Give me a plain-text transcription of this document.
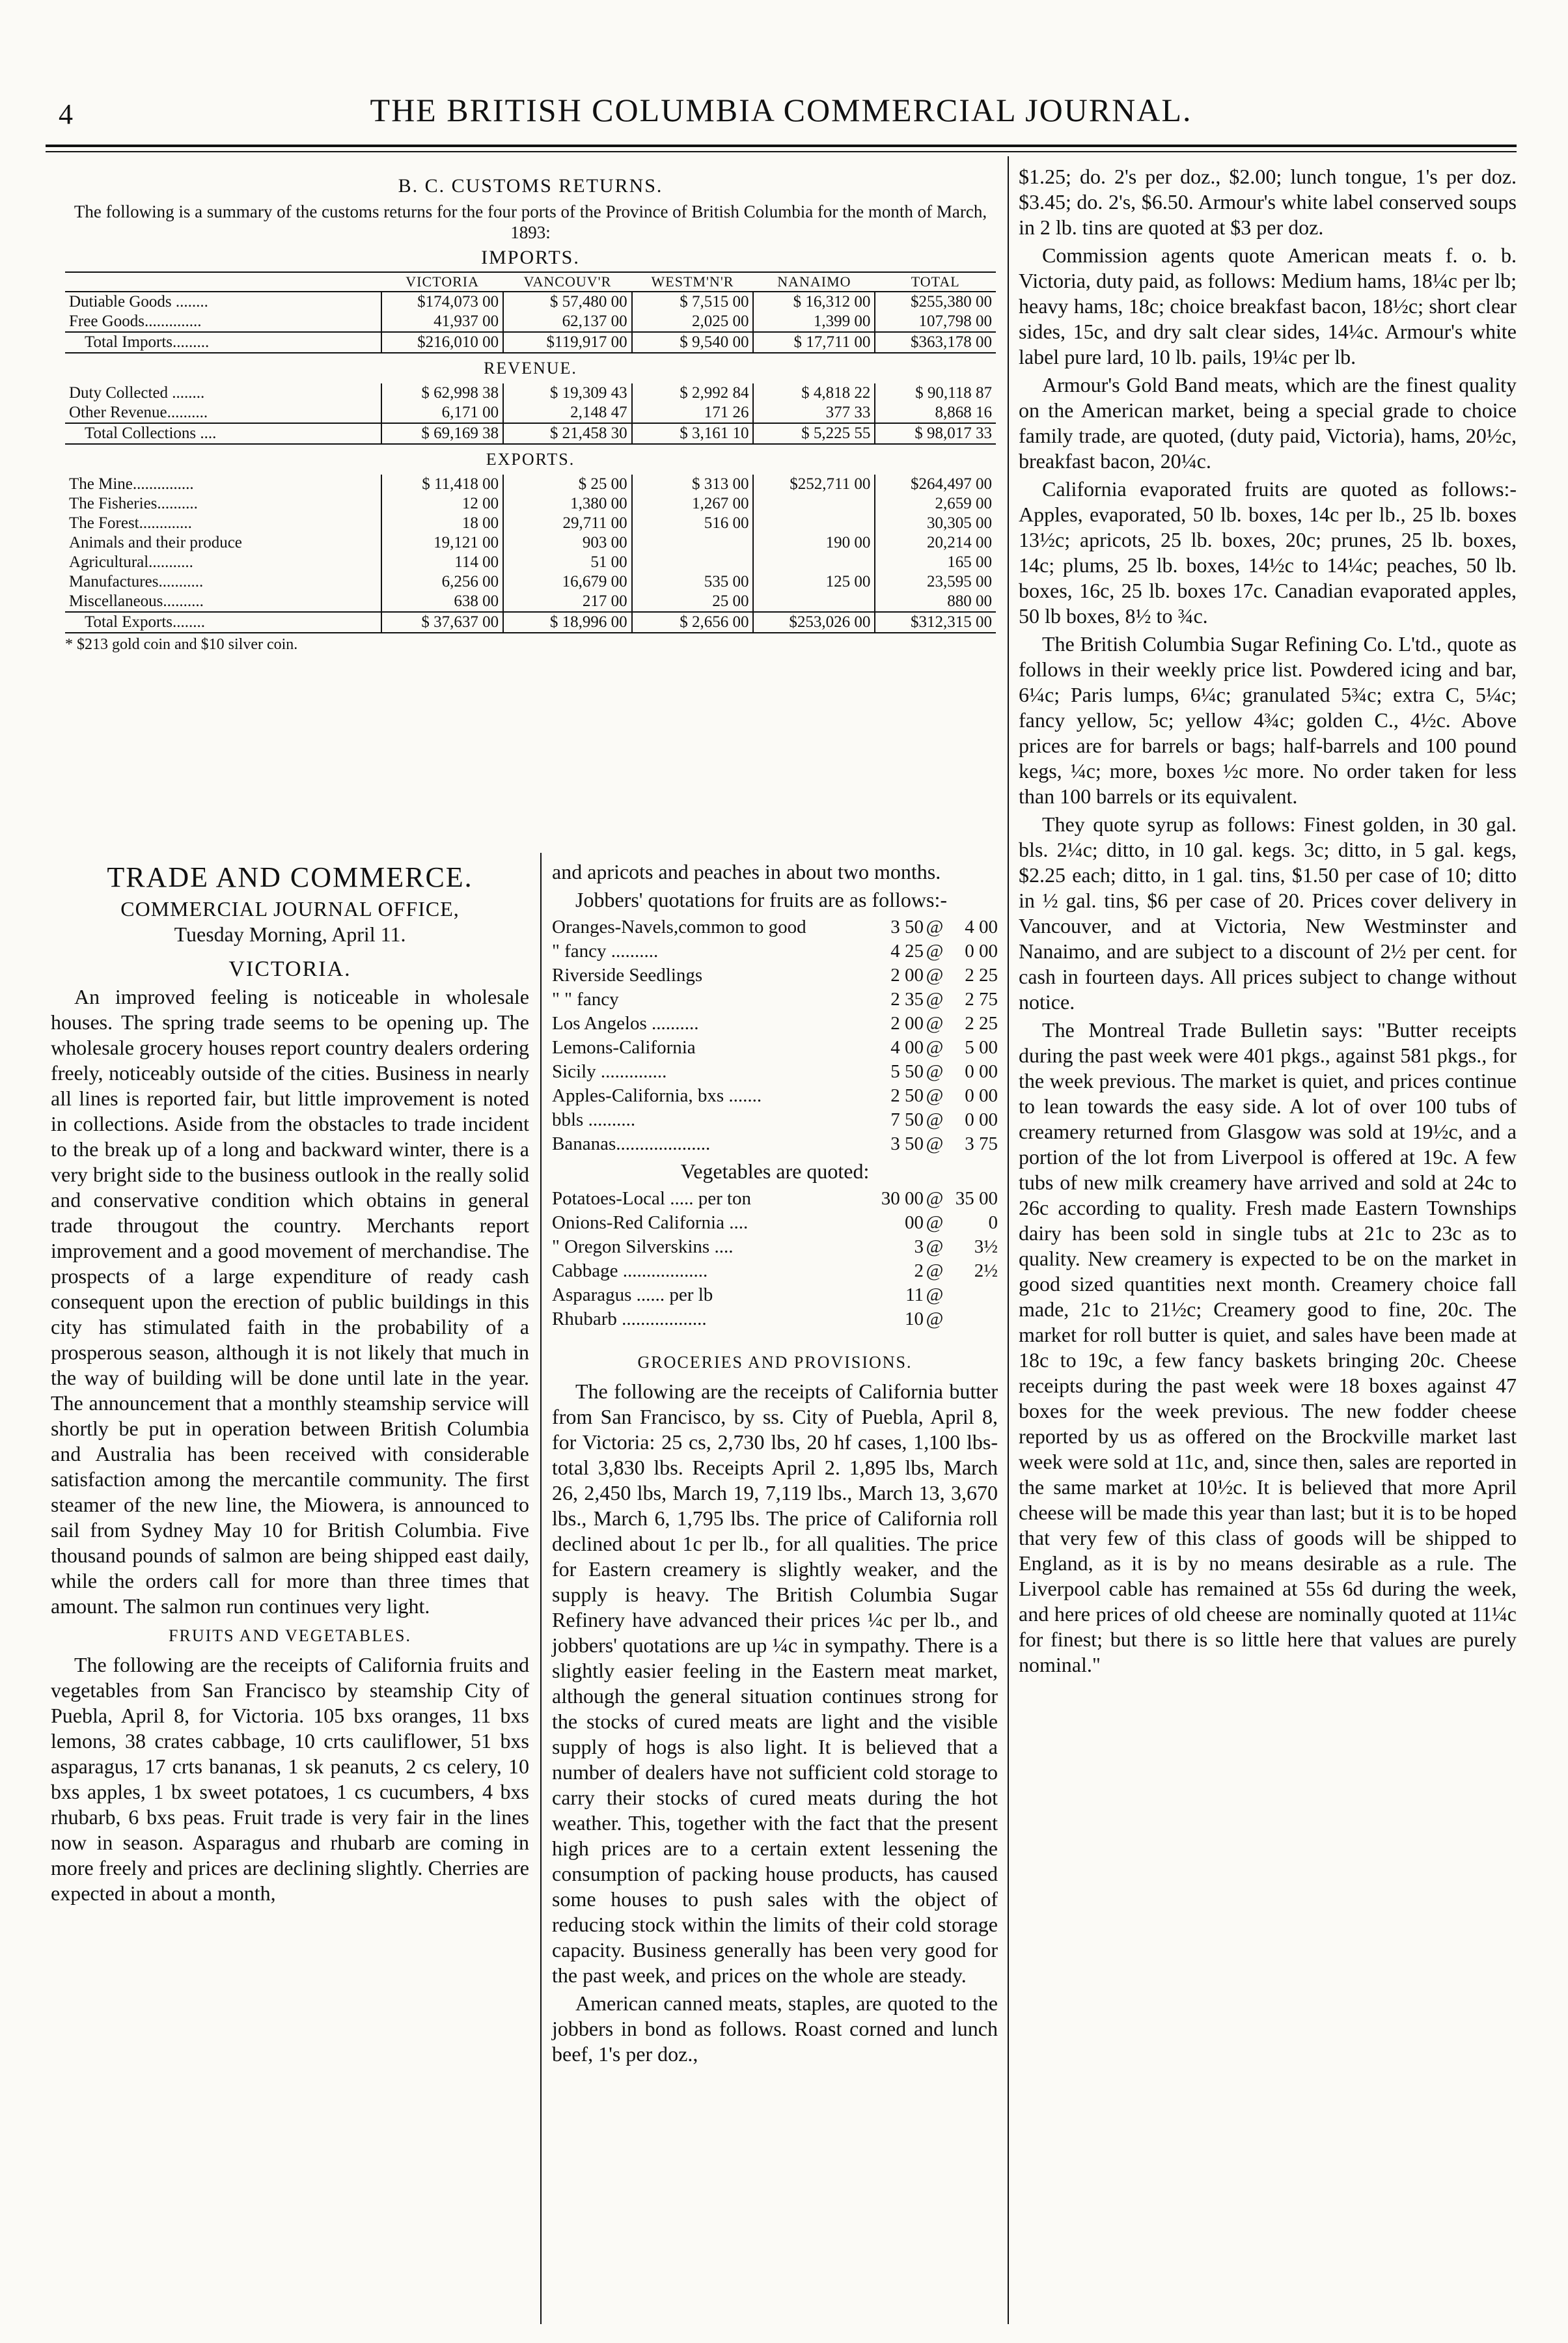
4	THE BRITISH COLUMBIA COMMERCIAL JOURNAL.
B. C. CUSTOMS RETURNS.
The following is a summary of the customs returns for the four ports of the Province of British Columbia for the month of March, 1893:
IMPORTS.
	VICTORIA	VANCOUV'R	WESTM'N'R	NANAIMO	TOTAL
Dutiable Goods ........	$174,073 00	$ 57,480 00	$ 7,515 00	$ 16,312 00	$255,380 00
Free Goods..............	41,937 00	62,137 00	2,025 00	1,399 00	107,798 00
Total Imports.........	$216,010 00	$119,917 00	$ 9,540 00	$ 17,711 00	$363,178 00
REVENUE.					
Duty Collected ........	$ 62,998 38	$ 19,309 43	$ 2,992 84	$ 4,818 22	$ 90,118 87
Other Revenue..........	6,171 00	2,148 47	171 26	377 33	8,868 16
Total Collections ....	$ 69,169 38	$ 21,458 30	$ 3,161 10	$ 5,225 55	$ 98,017 33
EXPORTS.					
The Mine...............	$ 11,418 00	$ 25 00	$ 313 00	$252,711 00	$264,497 00
The Fisheries..........	12 00	1,380 00	1,267 00		2,659 00
The Forest.............	18 00	29,711 00	516 00		30,305 00
Animals and their produce	19,121 00	903 00		190 00	20,214 00
Agricultural...........	114 00	51 00			165 00
Manufactures...........	6,256 00	16,679 00	535 00	125 00	23,595 00
Miscellaneous..........	638 00	217 00	25 00		880 00
Total Exports........	$ 37,637 00	$ 18,996 00	$ 2,656 00	$253,026 00	$312,315 00
* $213 gold coin and $10 silver coin.
TRADE AND COMMERCE.
COMMERCIAL JOURNAL OFFICE,
Tuesday Morning, April 11.
VICTORIA.

An improved feeling is noticeable in wholesale houses. The spring trade seems to be opening up. The wholesale grocery houses report country dealers ordering freely, noticeably outside of the cities. Business in nearly all lines is reported fair, but little improvement is noted in collections. Aside from the obstacles to trade incident to the break up of a long and backward winter, there is a very bright side to the business outlook in the really solid and conservative condition which obtains in general trade througout the country. Merchants report improvement and a good movement of merchandise. The prospects of a large expenditure of ready cash consequent upon the erection of public buildings in this city has stimulated faith in the probability of a prosperous season, although it is not likely that much in the way of building will be done until late in the year. The announcement that a monthly steamship service will shortly be put in operation between British Columbia and Australia has been received with considerable satisfaction among the mercantile community. The first steamer of the new line, the Miowera, is announced to sail from Sydney May 10 for British Columbia. Five thousand pounds of salmon are being shipped east daily, while the orders call for more than three times that amount. The salmon run continues very light.

FRUITS AND VEGETABLES.

The following are the receipts of California fruits and vegetables from San Francisco by steamship City of Puebla, April 8, for Victoria. 105 bxs oranges, 11 bxs lemons, 38 crates cabbage, 10 crts cauliflower, 51 bxs asparagus, 17 crts bananas, 1 sk peanuts, 2 cs celery, 10 bxs apples, 1 bx sweet potatoes, 1 cs cucumbers, 4 bxs rhubarb, 6 bxs peas. Fruit trade is very fair in the lines now in season. Asparagus and rhubarb are coming in more freely and prices are declining slightly. Cherries are expected in about a month,

and apricots and peaches in about two months.

Jobbers' quotations for fruits are as follows:-

Oranges-Navels,common to good	3 50	@	4 00
" fancy ..........	4 25	@	0 00
Riverside Seedlings	2 00	@	2 25
" " fancy	2 35	@	2 75
Los Angelos ..........	2 00	@	2 25
Lemons-California	4 00	@	5 00
Sicily ..............	5 50	@	0 00
Apples-California, bxs .......	2 50	@	0 00
bbls ..........	7 50	@	0 00
Bananas....................	3 50	@	3 75
Vegetables are quoted:
Potatoes-Local ..... per ton	30 00	@	35 00
Onions-Red California ....	00	@	0
" Oregon Silverskins ....	3	@	3½
Cabbage ..................	2	@	2½
Asparagus ...... per lb	11	@	
Rhubarb ..................	10	@	
GROCERIES AND PROVISIONS.

The following are the receipts of California butter from San Francisco, by ss. City of Puebla, April 8, for Victoria: 25 cs, 2,730 lbs, 20 hf cases, 1,100 lbs-total 3,830 lbs. Receipts April 2. 1,895 lbs, March 26, 2,450 lbs, March 19, 7,119 lbs., March 13, 3,670 lbs., March 6, 1,795 lbs. The price of California roll declined about 1c per lb., for all qualities. The price for Eastern creamery is slightly weaker, and the supply is heavy. The British Columbia Sugar Refinery have advanced their prices ¼c per lb., and jobbers' quotations are up ¼c in sympathy. There is a slightly easier feeling in the Eastern meat market, although the general situation continues strong for the stocks of cured meats are light and the visible supply of hogs is also light. It is believed that a number of dealers have not sufficient cold storage to carry their stocks of cured meats during the hot weather. This, together with the fact that the present high prices are to a certain extent lessening the consumption of packing house products, has caused some houses to push sales with the object of reducing stock within the limits of their cold storage capacity. Business generally has been very good for the past week, and prices on the whole are steady.

American canned meats, staples, are quoted to the jobbers in bond as follows. Roast corned and lunch beef, 1's per doz.,

$1.25; do. 2's per doz., $2.00; lunch tongue, 1's per doz. $3.45; do. 2's, $6.50. Armour's white label conserved soups in 2 lb. tins are quoted at $3 per doz.

Commission agents quote American meats f. o. b. Victoria, duty paid, as follows: Medium hams, 18¼c per lb; heavy hams, 18c; choice breakfast bacon, 18½c; short clear sides, 15c, and dry salt clear sides, 14¼c. Armour's white label pure lard, 10 lb. pails, 19¼c per lb.

Armour's Gold Band meats, which are the finest quality on the American market, being a special grade to choice family trade, are quoted, (duty paid, Victoria), hams, 20½c, breakfast bacon, 20¼c.

California evaporated fruits are quoted as follows:-Apples, evaporated, 50 lb. boxes, 14c per lb., 25 lb. boxes 13½c; apricots, 25 lb. boxes, 20c; prunes, 25 lb. boxes, 14c; plums, 25 lb. boxes, 14½c to 14¼c; peaches, 50 lb. boxes, 16c, 25 lb. boxes 17c. Canadian evaporated apples, 50 lb boxes, 8½ to ¾c.

The British Columbia Sugar Refining Co. L'td., quote as follows in their weekly price list. Powdered icing and bar, 6¼c; Paris lumps, 6¼c; granulated 5¾c; extra C, 5¼c; fancy yellow, 5c; yellow 4¾c; golden C., 4½c. Above prices are for barrels or bags; half-barrels and 100 pound kegs, ¼c; more, boxes ½c more. No order taken for less than 100 barrels or its equivalent.

They quote syrup as follows: Finest golden, in 30 gal. bls. 2¼c; ditto, in 10 gal. kegs. 3c; ditto, in 5 gal. kegs, $2.25 each; ditto, in 1 gal. tins, $1.50 per case of 10; ditto in ½ gal. tins, $6 per case of 20. Prices cover delivery in Vancouver, and at Victoria, New Westminster and Nanaimo, and are subject to a discount of 2½ per cent. for cash in fourteen days. All prices subject to change without notice.

The Montreal Trade Bulletin says: "Butter receipts during the past week were 401 pkgs., against 581 pkgs., for the week previous. The market is quiet, and prices continue to lean towards the easy side. A lot of over 100 tubs of creamery returned from Glasgow was sold at 19½c, and a portion of the lot from Liverpool is offered at 19c. A few tubs of new milk creamery have arrived and sold at 24c to 26c according to quality. Fresh made Eastern Townships dairy has been sold in single tubs at 21c to 23c as to quality. New creamery is expected to be on the market in good sized quantities next month. Creamery choice fall made, 21c to 21½c; Creamery good to fine, 20c. The market for roll butter is quiet, and sales have been made at 18c to 19c, a few fancy baskets bringing 20c. Cheese receipts during the past week were 18 boxes against 47 boxes for the week previous. The new fodder cheese reported by us as offered on the Brockville market last week were sold at 11c, and, since then, sales are reported in the same market at 10½c. It is believed that more April cheese will be made this year than last; but it is to be hoped that very few of this class of goods will be shipped to England, as it is by no means desirable as a rule. The Liverpool cable has remained at 55s 6d during the week, and here prices of old cheese are nominally quoted at 11¼c for finest; but there is so little here that values are purely nominal."
